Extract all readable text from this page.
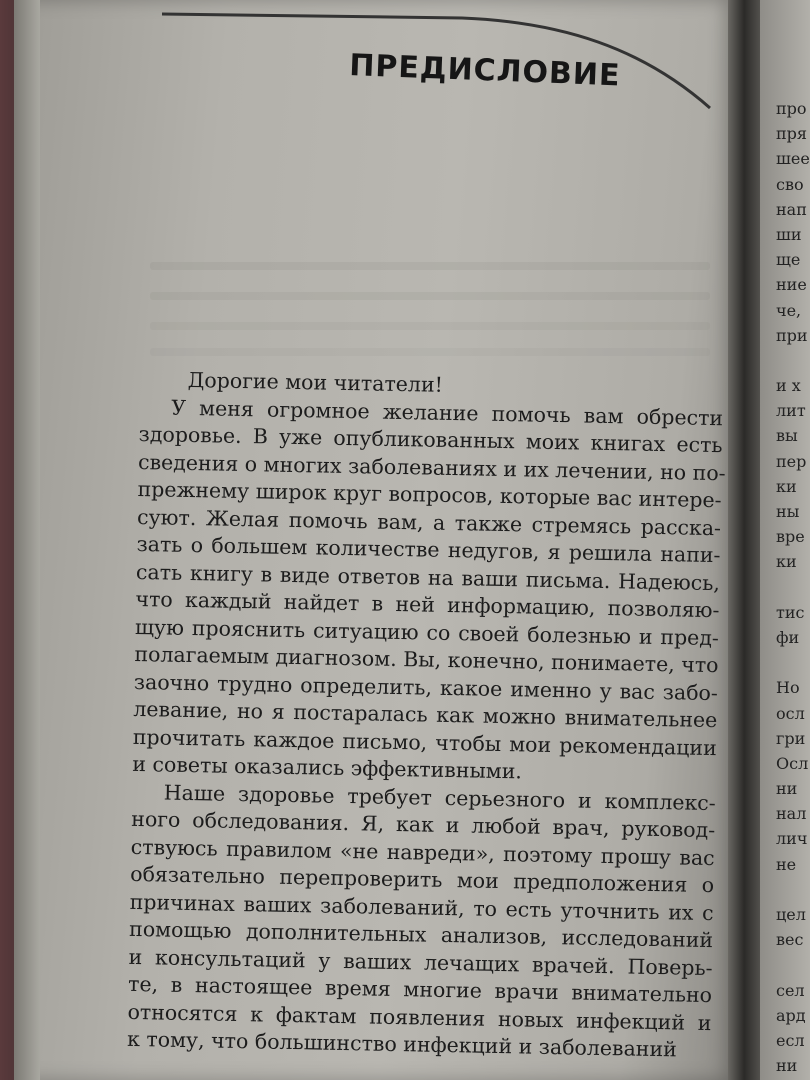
ПРЕДИСЛОВИЕ
Дорогие мои читатели!
У меня огромное желание помочь вам обрести
здоровье. В уже опубликованных моих книгах есть
сведения о многих заболеваниях и их лечении, но по-
прежнему широк круг вопросов, которые вас интере-
суют. Желая помочь вам, а также стремясь расска-
зать о большем количестве недугов, я решила напи-
сать книгу в виде ответов на ваши письма. Надеюсь,
что каждый найдет в ней информацию, позволяю-
щую прояснить ситуацию со своей болезнью и пред-
полагаемым диагнозом. Вы, конечно, понимаете, что
заочно трудно определить, какое именно у вас забо-
левание, но я постаралась как можно внимательнее
прочитать каждое письмо, чтобы мои рекомендации
и советы оказались эффективными.
Наше здоровье требует серьезного и комплекс-
ного обследования. Я, как и любой врач, руковод-
ствуюсь правилом «не навреди», поэтому прошу вас
обязательно перепроверить мои предположения о
причинах ваших заболеваний, то есть уточнить их с
помощью дополнительных анализов, исследований
и консультаций у ваших лечащих врачей. Поверь-
те, в настоящее время многие врачи внимательно
относятся к фактам появления новых инфекций и
к тому, что большинство инфекций и заболеваний
про
пря
шее
сво
нап
ши
ще
ние
че,
при
и х
лит
вы
пер
ки
ны
вре
ки
тис
фи
Но
осл
гри
Осл
ни
нал
лич
не
цел
вес
сел
ард
есл
ни
